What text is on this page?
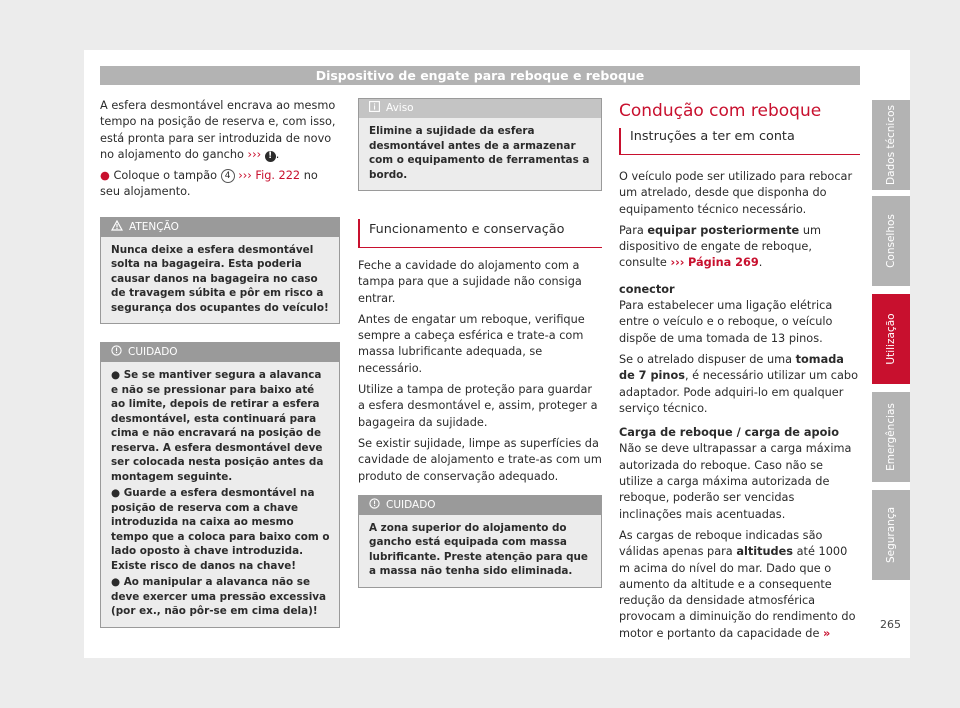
Dispositivo de engate para reboque e reboque

A esfera desmontável encrava ao mesmo tempo na posição de reserva e, com isso, está pronta para ser introduzida de novo no alojamento do gancho ››› ! .

● Coloque o tampão 4 ››› Fig. 222 no seu alojamento.

ATENÇÃO

Nunca deixe a esfera desmontável solta na bagageira. Esta poderia causar danos na bagageira no caso de travagem súbita e pôr em risco a segurança dos ocupantes do veículo!

CUIDADO

● Se se mantiver segura a alavanca e não se pressionar para baixo até ao limite, depois de retirar a esfera desmontável, esta continuará para cima e não encravará na posição de reserva. A esfera desmontável deve ser colocada nesta posição antes da montagem seguinte.

● Guarde a esfera desmontável na posição de reserva com a chave introduzida na caixa ao mesmo tempo que a coloca para baixo com o lado oposto à chave introduzida. Existe risco de danos na chave!

● Ao manipular a alavanca não se deve exercer uma pressão excessiva (por ex., não pôr-se em cima dela)!

Aviso

Elimine a sujidade da esfera desmontável antes de a armazenar com o equipamento de ferramentas a bordo.

Funcionamento e conservação

Feche a cavidade do alojamento com a tampa para que a sujidade não consiga entrar.

Antes de engatar um reboque, verifique sempre a cabeça esférica e trate-a com massa lubrificante adequada, se necessário.

Utilize a tampa de proteção para guardar a esfera desmontável e, assim, proteger a bagageira da sujidade.

Se existir sujidade, limpe as superfícies da cavidade de alojamento e trate-as com um produto de conservação adequado.

CUIDADO

A zona superior do alojamento do gancho está equipada com massa lubrificante. Preste atenção para que a massa não tenha sido eliminada.

Condução com reboque
Instruções a ter em conta

O veículo pode ser utilizado para rebocar um atrelado, desde que disponha do equipamento técnico necessário.

Para equipar posteriormente um dispositivo de engate de reboque, consulte ››› Página 269.

conector

Para estabelecer uma ligação elétrica entre o veículo e o reboque, o veículo dispõe de uma tomada de 13 pinos.

Se o atrelado dispuser de uma tomada de 7 pinos, é necessário utilizar um cabo adaptador. Pode adquiri-lo em qualquer serviço técnico.

Carga de reboque / carga de apoio

Não se deve ultrapassar a carga máxima autorizada do reboque. Caso não se utilize a carga máxima autorizada de reboque, poderão ser vencidas inclinações mais acentuadas.

As cargas de reboque indicadas são válidas apenas para altitudes até 1000 m acima do nível do mar. Dado que o aumento da altitude e a consequente redução da densidade atmosférica provocam a diminuição do rendimento do motor e portanto da capacidade de »

Dados técnicos
Conselhos
Utilização
Emergências
Segurança
265
